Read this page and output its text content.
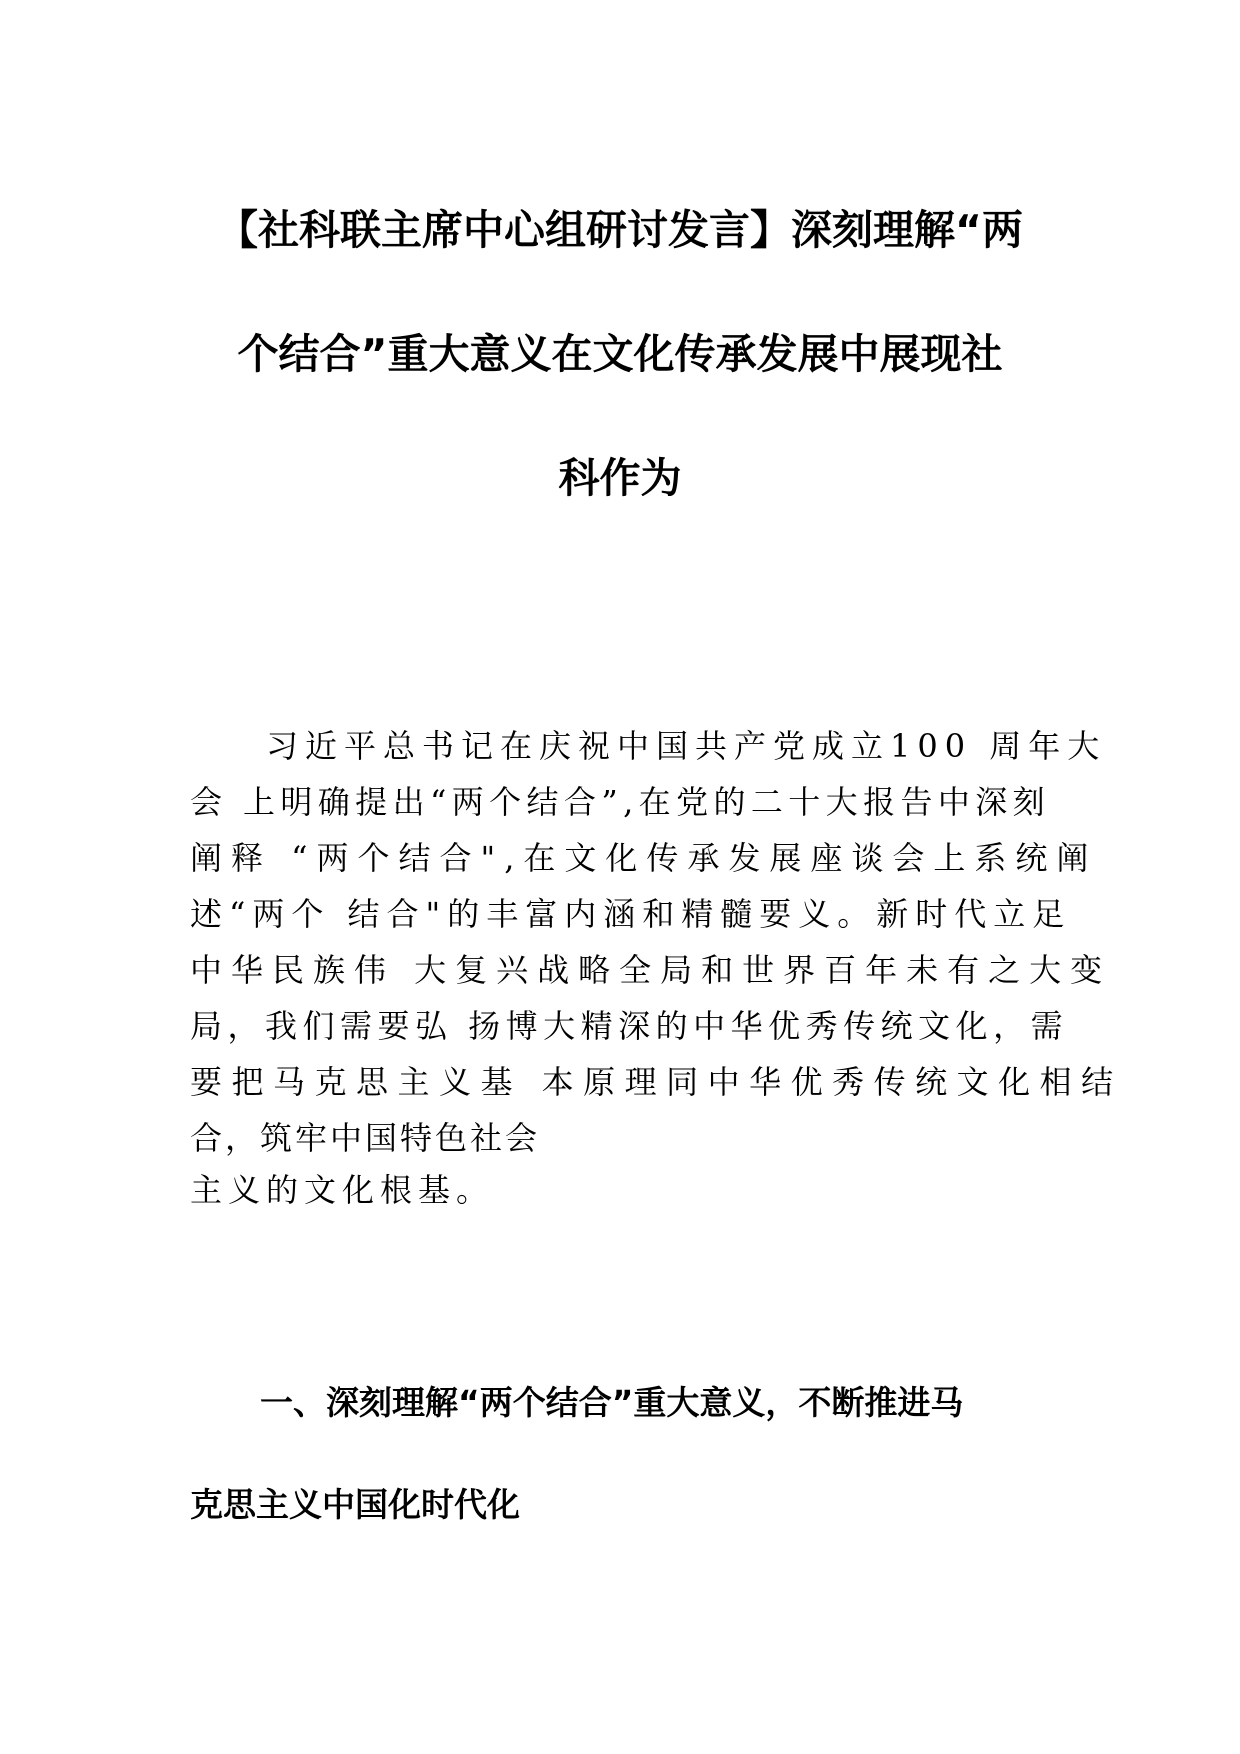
【社科联主席中心组研讨发言】深刻理解“两
个结合”重大意义在文化传承发展中展现社
科作为
习近平总书记在庆祝中国共产党成立100 周年大
会 上明确提出“两个结合”,在党的二十大报告中深刻
阐释 “两个结合",在文化传承发展座谈会上系统阐
述“两个 结合"的丰富内涵和精髓要义。新时代立足
中华民族伟 大复兴战略全局和世界百年未有之大变
局，我们需要弘 扬博大精深的中华优秀传统文化，需
要把马克思主义基 本原理同中华优秀传统文化相结
合，筑牢中国特色社会

主义的文化根基。

一、深刻理解“两个结合”重大意义，不断推进马
克思主义中国化时代化
